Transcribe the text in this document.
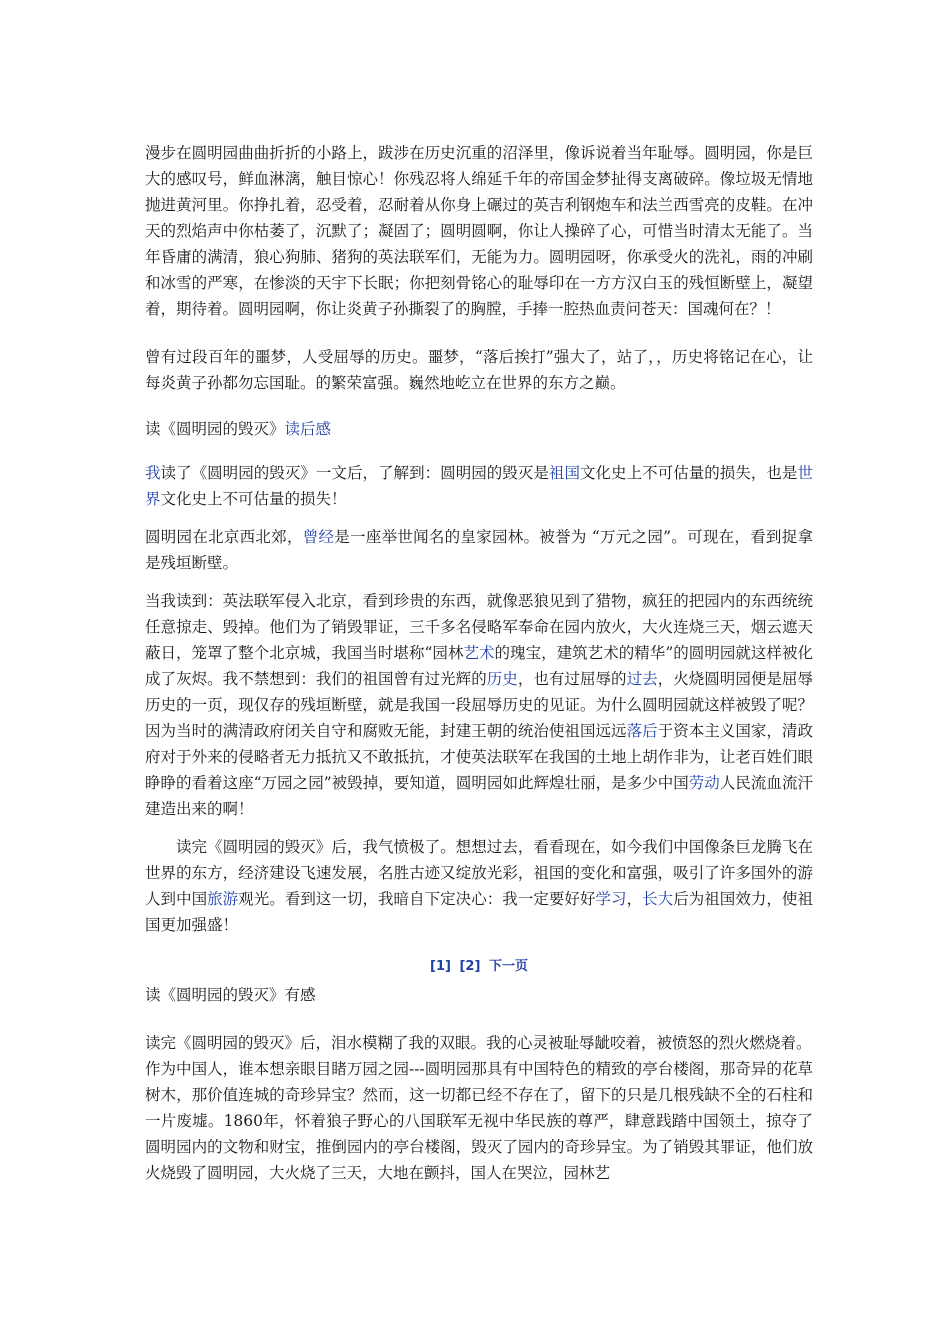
漫步在圆明园曲曲折折的小路上，跋涉在历史沉重的沼泽里，像诉说着当年耻辱。圆明园，你是巨大的感叹号，鲜血淋漓，触目惊心！你残忍将人绵延千年的帝国金梦扯得支离破碎。像垃圾无情地抛进黄河里。你挣扎着，忍受着，忍耐着从你身上碾过的英吉利钢炮车和法兰西雪亮的皮鞋。在冲天的烈焰声中你枯萎了，沉默了；凝固了；圆明圆啊，你让人操碎了心，可惜当时清太无能了。当年昏庸的满清，狼心狗肺、猪狗的英法联军们，无能为力。圆明园呀，你承受火的洗礼，雨的冲刷和冰雪的严寒，在惨淡的天宇下长眠；你把刻骨铭心的耻辱印在一方方汉白玉的残恒断壁上，凝望着，期待着。圆明园啊，你让炎黄子孙撕裂了的胸膛，手捧一腔热血责问苍天：国魂何在？！

曾有过段百年的噩梦，人受屈辱的历史。噩梦，“落后挨打”强大了，站了，，历史将铭记在心，让每炎黄子孙都勿忘国耻。的繁荣富强。巍然地屹立在世界的东方之巅。

读《圆明园的毁灭》读后感

我读了《圆明园的毁灭》一文后，了解到：圆明园的毁灭是祖国文化史上不可估量的损失，也是世界文化史上不可估量的损失！

圆明园在北京西北郊，曾经是一座举世闻名的皇家园林。被誉为 “万元之园”。可现在，看到捉拿是残垣断壁。

当我读到：英法联军侵入北京，看到珍贵的东西，就像恶狼见到了猎物，疯狂的把园内的东西统统任意掠走、毁掉。他们为了销毁罪证，三千多名侵略军奉命在园内放火，大火连烧三天，烟云遮天蔽日，笼罩了整个北京城，我国当时堪称“园林艺术的瑰宝，建筑艺术的精华”的圆明园就这样被化成了灰烬。我不禁想到：我们的祖国曾有过光辉的历史，也有过屈辱的过去，火烧圆明园便是屈辱历史的一页，现仅存的残垣断壁，就是我国一段屈辱历史的见证。为什么圆明园就这样被毁了呢？因为当时的满清政府闭关自守和腐败无能，封建王朝的统治使祖国远远落后于资本主义国家，清政府对于外来的侵略者无力抵抗又不敢抵抗，才使英法联军在我国的土地上胡作非为，让老百姓们眼睁睁的看着这座“万园之园”被毁掉，要知道，圆明园如此辉煌壮丽，是多少中国劳动人民流血流汗建造出来的啊！

读完《圆明园的毁灭》后，我气愤极了。想想过去，看看现在，如今我们中国像条巨龙腾飞在世界的东方，经济建设飞速发展，名胜古迹又绽放光彩，祖国的变化和富强，吸引了许多国外的游人到中国旅游观光。看到这一切，我暗自下定决心：我一定要好好学习，长大后为祖国效力，使祖国更加强盛！

[1] [2] 下一页

读《圆明园的毁灭》有感

读完《圆明园的毁灭》后，泪水模糊了我的双眼。我的心灵被耻辱龇咬着，被愤怒的烈火燃烧着。

作为中国人，谁本想亲眼目睹万园之园---圆明园那具有中国特色的精致的亭台楼阁，那奇异的花草树木，那价值连城的奇珍异宝？然而，这一切都已经不存在了，留下的只是几根残缺不全的石柱和一片废墟。1860年，怀着狼子野心的八国联军无视中华民族的尊严，肆意践踏中国领土，掠夺了圆明园内的文物和财宝，推倒园内的亭台楼阁，毁灭了园内的奇珍异宝。为了销毁其罪证，他们放火烧毁了圆明园，大火烧了三天，大地在颤抖，国人在哭泣，园林艺
